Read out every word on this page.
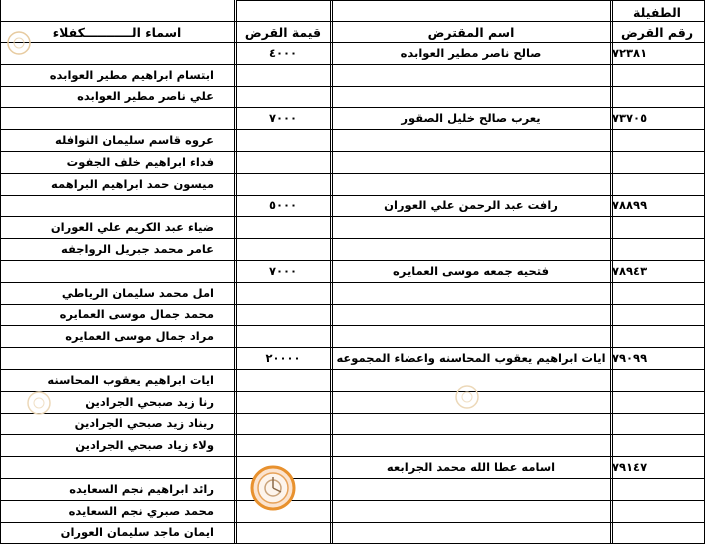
الطفيلة
رقم القرض
اسم المقترض
قيمة القرض
اسماء الـــــــــــكفلاء
٧٢٣٨١
صالح ناصر مطير العوابده
٤٠٠٠
ابتسام ابراهيم مطير العوابده
علي ناصر مطير العوابده
٧٣٧٠٥
يعرب صالح خليل الصقور
٧٠٠٠
عروه قاسم سليمان النوافله
فداء ابراهيم خلف الجفوت
ميسون حمد ابراهيم البراهمه
٧٨٨٩٩
رافت عبد الرحمن علي العوران
٥٠٠٠
ضياء عبد الكريم علي العوران
عامر محمد جبريل الرواجفه
٧٨٩٤٣
فتحيه جمعه موسى العمايره
٧٠٠٠
امل محمد سليمان الرياطي
محمد جمال موسى العمايره
مراد جمال موسى العمايره
٧٩٠٩٩
ايات ابراهيم يعقوب المحاسنه واعضاء المجموعه
٢٠٠٠٠
ايات ابراهيم يعقوب المحاسنه
رنا زيد صبحي الجرادين
ريناد زيد صبحي الجرادين
ولاء زياد صبحي الجرادين
٧٩١٤٧
اسامه عطا الله محمد الجرابعه
رائد ابراهيم نجم السعايده
محمد صبري نجم السعايده
ايمان ماجد سليمان العوران
